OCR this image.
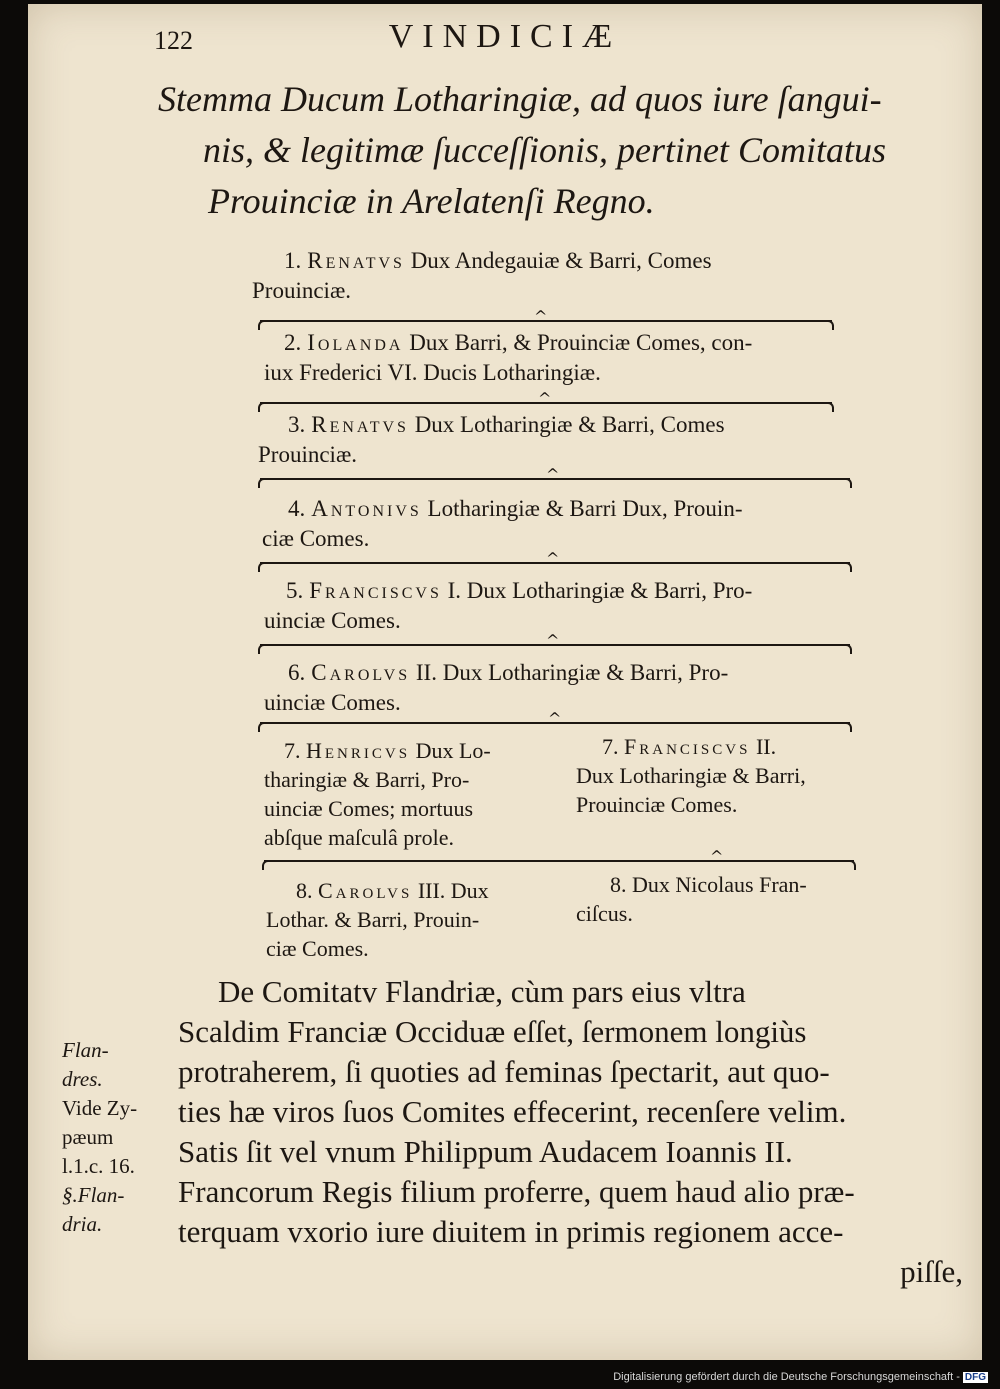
122	VINDICIÆ
Stemma Ducum Lotharingiæ, ad quos iure ſangui-
nis, & legitimæ ſucceſſionis, pertinet Comitatus
Prouinciæ in Arelatenſi Regno.
1. Renatvs Dux Andegauiæ & Barri, Comes
Prouinciæ.
^
2. Iolanda Dux Barri, & Prouinciæ Comes, con-
iux Frederici VI. Ducis Lotharingiæ.
^
3. Renatvs Dux Lotharingiæ & Barri, Comes
Prouinciæ.
^
4. Antonivs Lotharingiæ & Barri Dux, Prouin-
ciæ Comes.
^
5. Franciscvs I. Dux Lotharingiæ & Barri, Pro-
uinciæ Comes.
^
6. Carolvs II. Dux Lotharingiæ & Barri, Pro-
uinciæ Comes.
^
7. Henricvs Dux Lo-
tharingiæ & Barri, Pro-
uinciæ Comes; mortuus
abſque maſculâ prole.
7. Franciscvs II.
Dux Lotharingiæ & Barri,
Prouinciæ Comes.
^
8. Carolvs III. Dux
Lothar. & Barri, Prouin-
ciæ Comes.
8. Dux Nicolaus Fran-
ciſcus.

De Comitatv Flandriæ, cùm pars eius vltra

Scaldim Franciæ Occiduæ eſſet, ſermonem longiùs

protraherem, ſi quoties ad feminas ſpectarit, aut quo-

ties hæ viros ſuos Comites effecerint, recenſere velim.

Satis ſit vel vnum Philippum Audacem Ioannis II.

Francorum Regis filium proferre, quem haud alio præ-

terquam vxorio iure diuitem in primis regionem acce-

piſſe,

Flan-
dres.
Vide Zy-
pæum
l.1.c. 16.
§.Flan-
dria.
Digitalisierung gefördert durch die Deutsche Forschungsgemeinschaft - DFG
